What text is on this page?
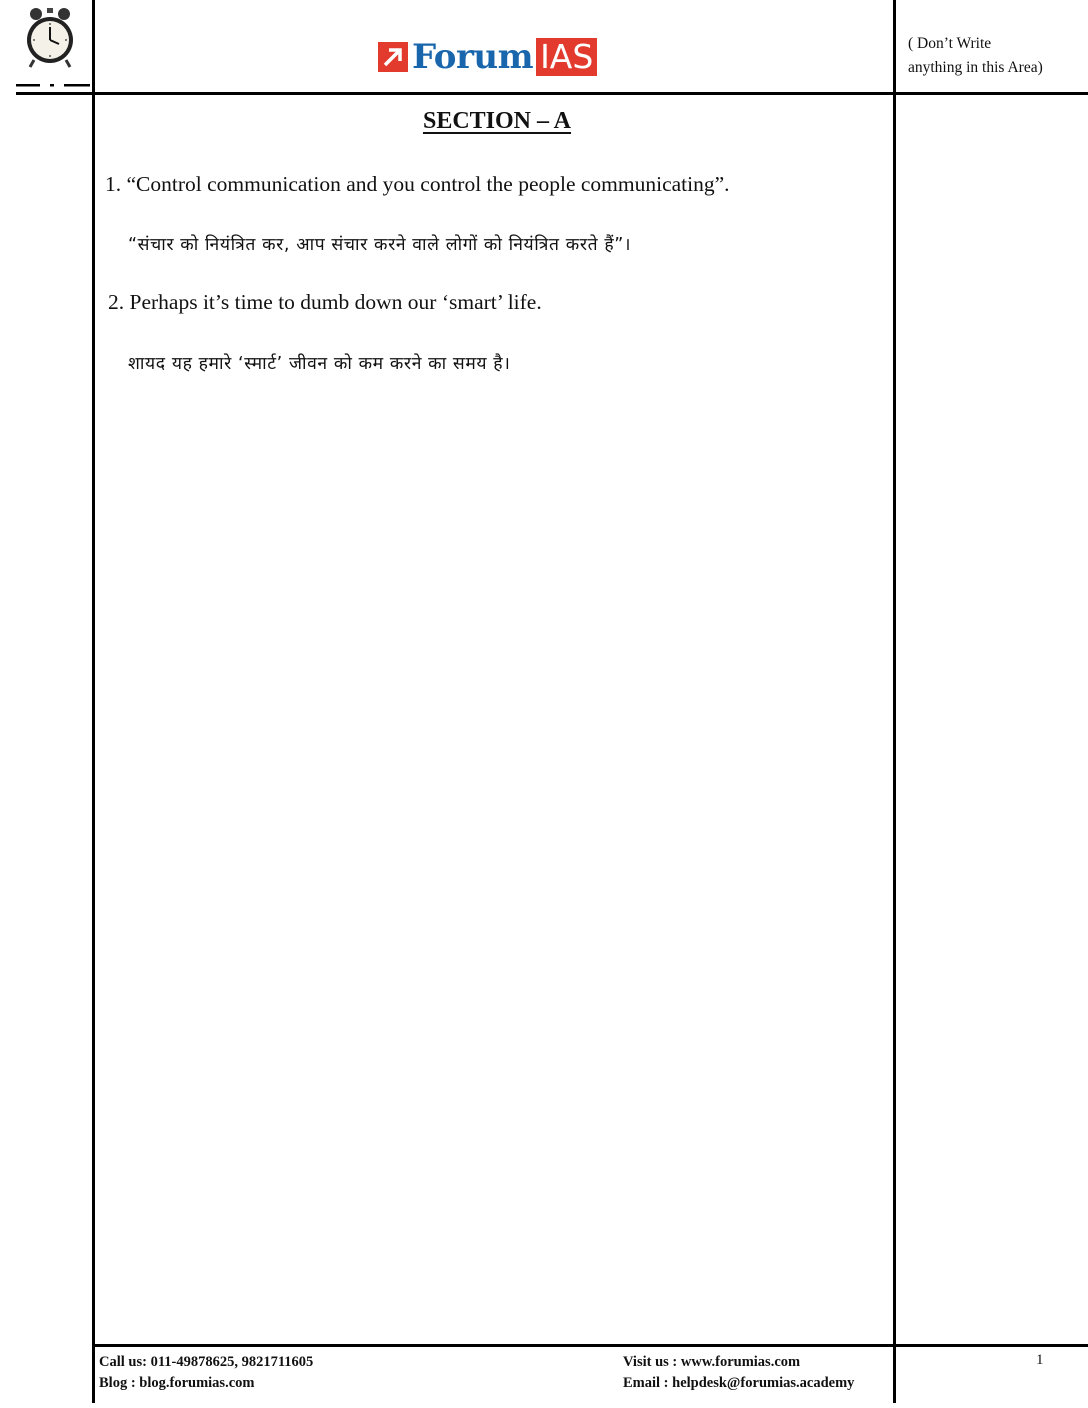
Forum IAS	( Don’t Write
anything in this Area)
SECTION – A
1. “Control communication and you control the people communicating”.
“संचार को नियंत्रित कर, आप संचार करने वाले लोगों को नियंत्रित करते हैं”।
2. Perhaps it’s time to dumb down our ‘smart’ life.
शायद यह हमारे ‘स्मार्ट’ जीवन को कम करने का समय है।
Call us: 011-49878625, 9821711605
Blog : blog.forumias.com
Visit us : www.forumias.com
Email : helpdesk@forumias.academy
1
